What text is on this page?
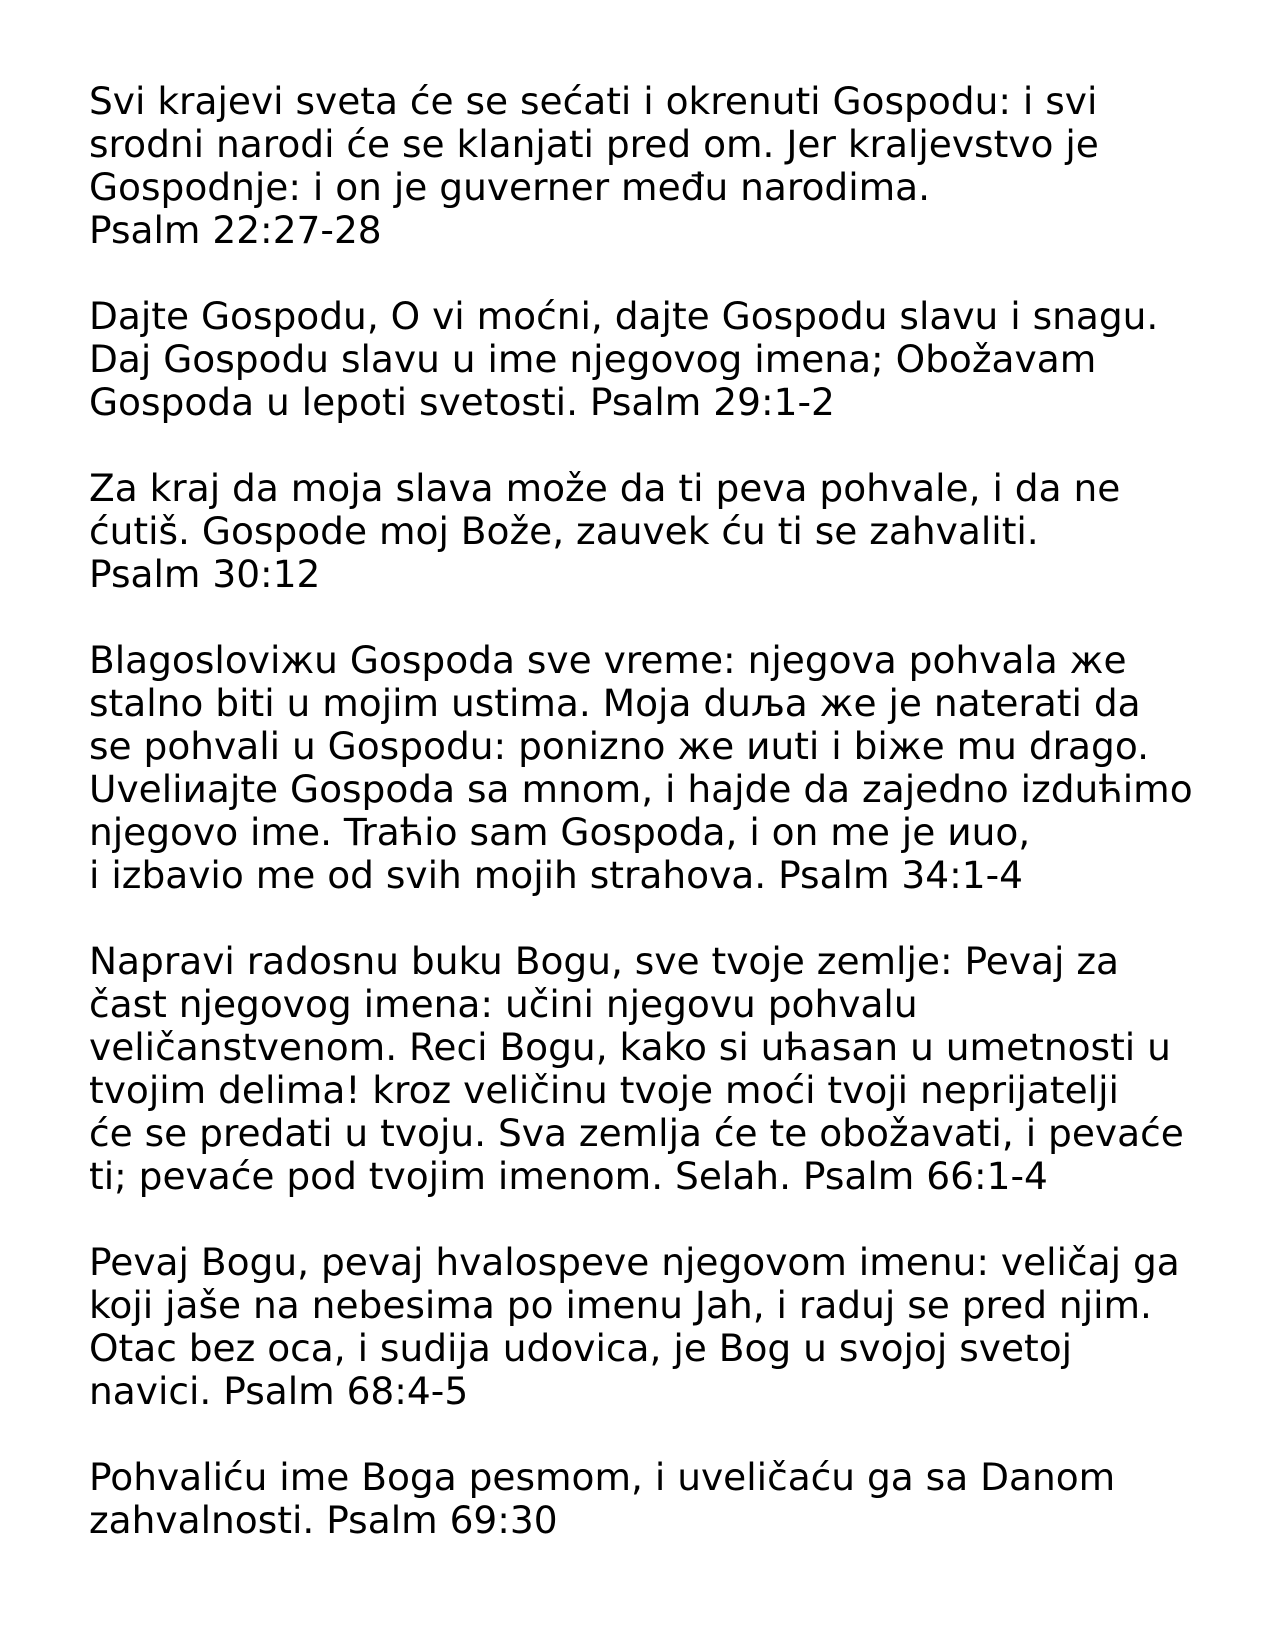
Svi krajevi sveta će se sećati i okrenuti Gospodu: i svi
srodni narodi će se klanjati pred om. Jer kraljevstvo je
Gospodnje: i on je guverner među narodima.
Psalm 22:27-28
Dajte Gospodu, O vi moćni, dajte Gospodu slavu i snagu.
Daj Gospodu slavu u ime njegovog imena; Obožavam
Gospoda u lepoti svetosti. Psalm 29:1-2
Za kraj da moja slava može da ti peva pohvale, i da ne
ćutiš. Gospode moj Bože, zauvek ću ti se zahvaliti.
Psalm 30:12
Blagosloviжu Gospoda sve vreme: njegova pohvala жe
stalno biti u mojim ustima. Moja duљa жe je naterati da
se pohvali u Gospodu: ponizno жe иuti i biжe mu drago.
Uveliиajte Gospoda sa mnom, i hajde da zajedno izduћimo
njegovo ime. Traћio sam Gospoda, i on me je иuo,
i izbavio me od svih mojih strahova. Psalm 34:1-4
Napravi radosnu buku Bogu, sve tvoje zemlje: Pevaj za
čast njegovog imena: učini njegovu pohvalu
veličanstvenom. Reci Bogu, kako si uћasan u umetnosti u
tvojim delima! kroz veličinu tvoje moći tvoji neprijatelji
će se predati u tvoju. Sva zemlja će te obožavati, i pevaće
ti; pevaće pod tvojim imenom. Selah. Psalm 66:1-4
Pevaj Bogu, pevaj hvalospeve njegovom imenu: veličaj ga
koji jaše na nebesima po imenu Jah, i raduj se pred njim.
Otac bez oca, i sudija udovica, je Bog u svojoj svetoj
navici. Psalm 68:4-5
Pohvaliću ime Boga pesmom, i uveličaću ga sa Danom
zahvalnosti. Psalm 69:30
